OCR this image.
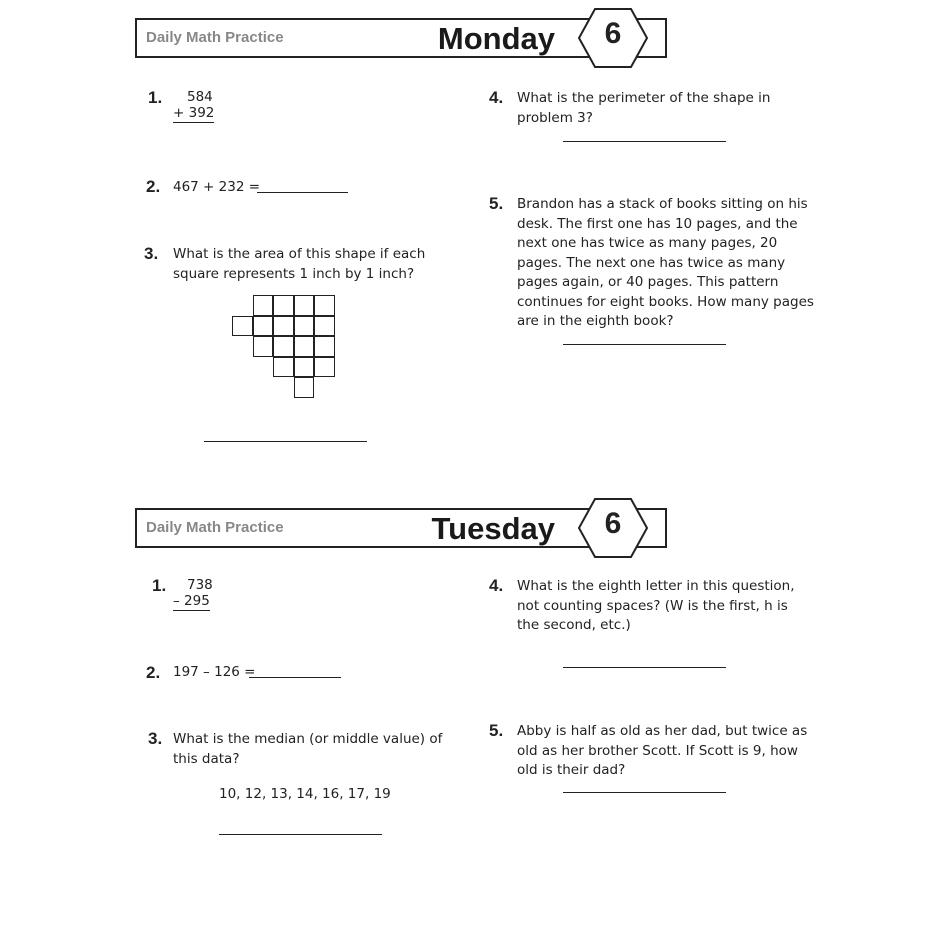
Daily Math Practice	Monday	6
1. 584
+ 392
2. 467 + 232 =
3. What is the area of this shape if each square represents 1 inch by 1 inch?
4. What is the perimeter of the shape in problem 3?
5. Brandon has a stack of books sitting on his desk. The first one has 10 pages, and the next one has twice as many pages, 20 pages. The next one has twice as many pages again, or 40 pages. This pattern continues for eight books. How many pages are in the eighth book?
Daily Math Practice	Tuesday	6
1. 738
– 295
2. 197 – 126 =
3. What is the median (or middle value) of this data?
10, 12, 13, 14, 16, 17, 19
4. What is the eighth letter in this question, not counting spaces? (W is the first, h is the second, etc.)
5. Abby is half as old as her dad, but twice as old as her brother Scott. If Scott is 9, how old is their dad?
